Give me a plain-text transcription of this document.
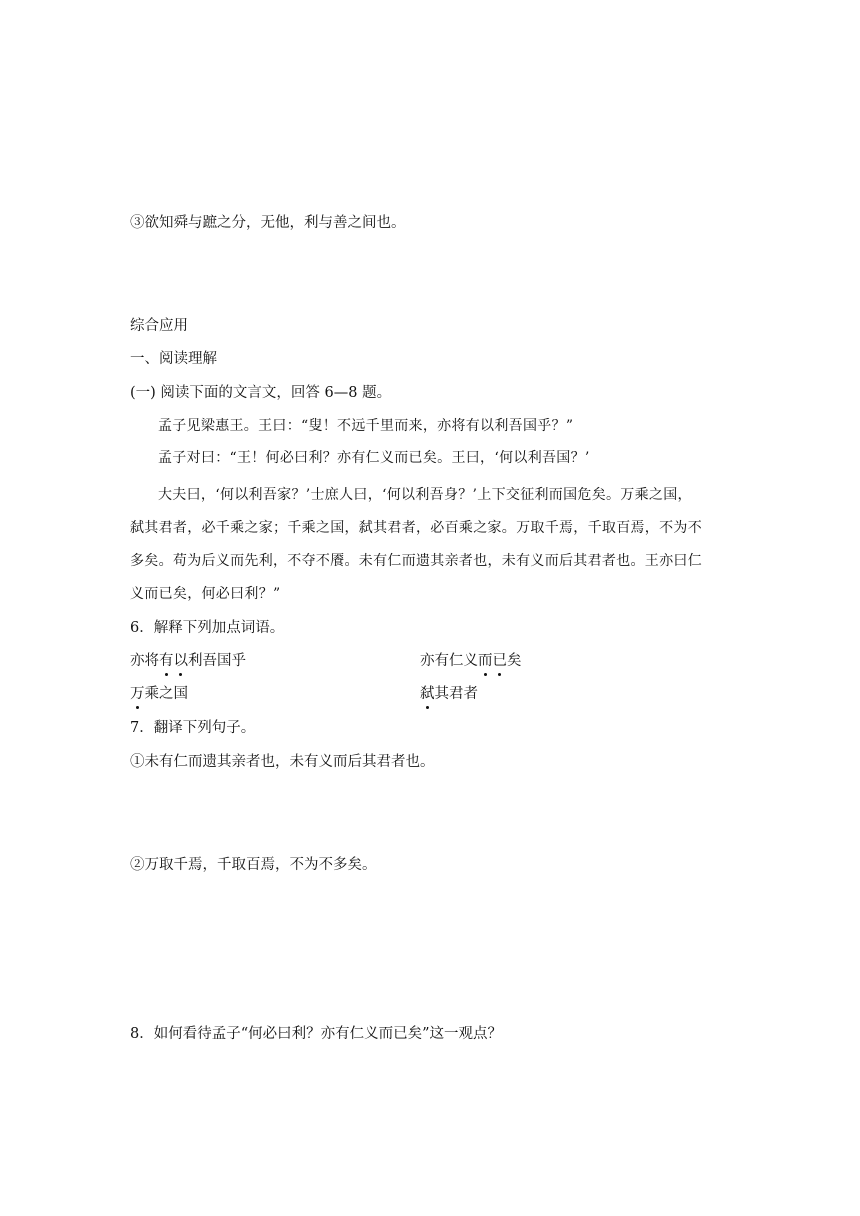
③欲知舜与蹠之分，无他，利与善之间也。
综合应用
一、阅读理解
(一) 阅读下面的文言文，回答 6—8 题。
孟子见梁惠王。王曰：“叟！不远千里而来，亦将有以利吾国乎？”
孟子对曰：“王！何必曰利？亦有仁义而已矣。王曰，‘何以利吾国？’
大夫曰，‘何以利吾家？’士庶人曰，‘何以利吾身？’上下交征利而国危矣。万乘之国，
弑其君者，必千乘之家；千乘之国，弑其君者，必百乘之家。万取千焉，千取百焉，不为不
多矣。苟为后义而先利，不夺不餍。未有仁而遗其亲者也，未有义而后其君者也。王亦曰仁
义而已矣，何必曰利？”
6．解释下列加点词语。
亦将有以利吾国乎	亦有仁义而已矣
万乘之国	弑其君者
7．翻译下列句子。
①未有仁而遗其亲者也，未有义而后其君者也。
②万取千焉，千取百焉，不为不多矣。
8．如何看待孟子“何必曰利？亦有仁义而已矣”这一观点？
